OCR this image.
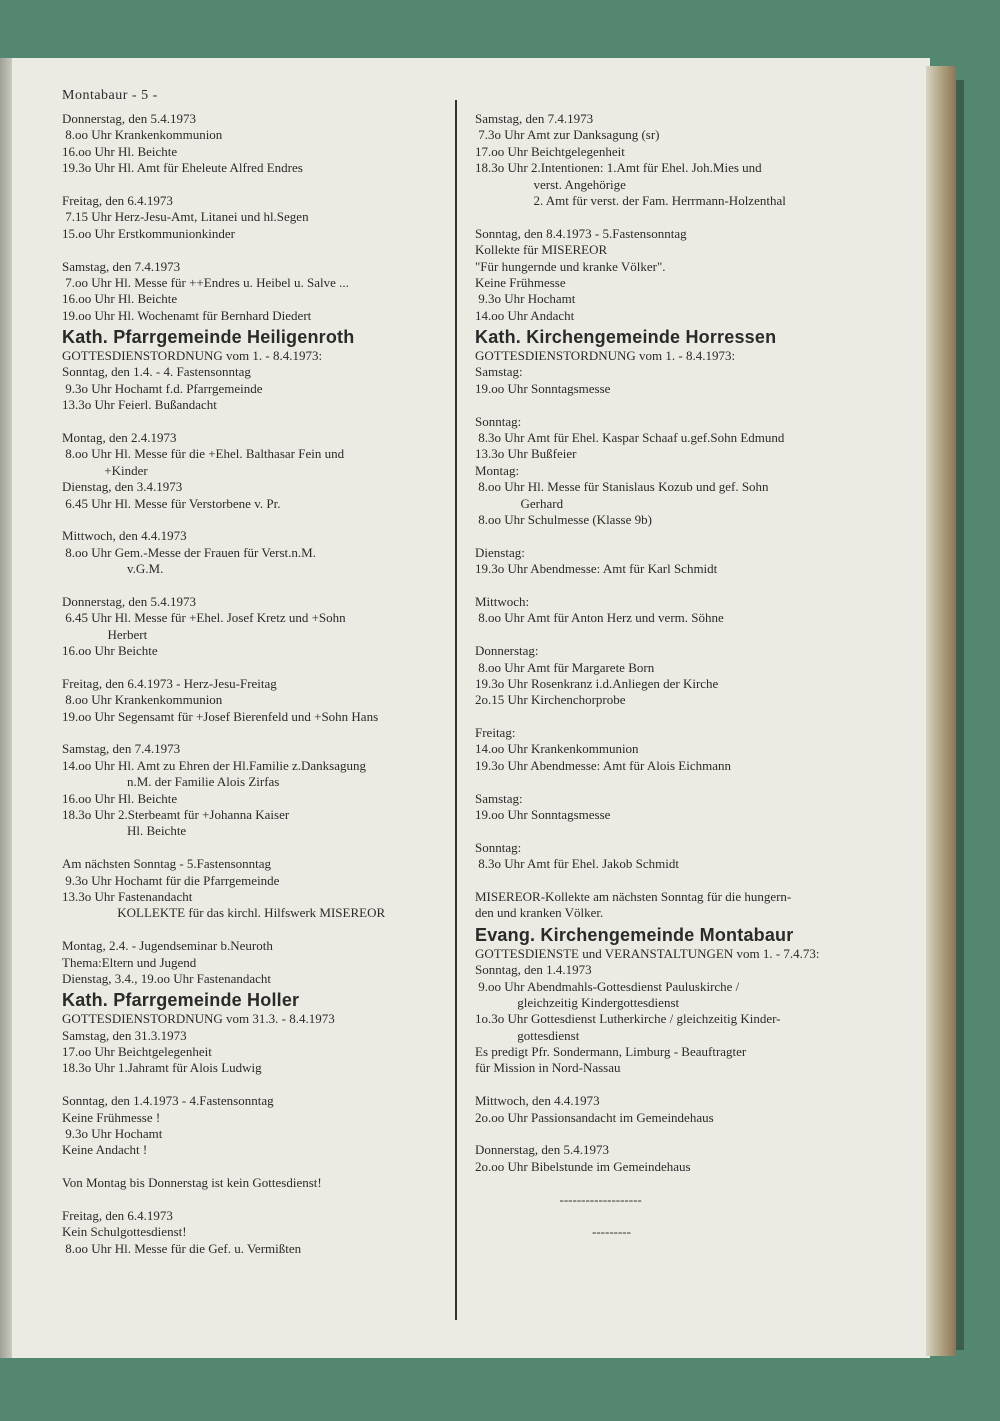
Montabaur - 5 -
Donnerstag, den 5.4.1973
8.oo Uhr Krankenkommunion
16.oo Uhr Hl. Beichte
19.3o Uhr Hl. Amt für Eheleute Alfred Endres
Freitag, den 6.4.1973
7.15 Uhr Herz-Jesu-Amt, Litanei und hl.Segen
15.oo Uhr Erstkommunionkinder
Samstag, den 7.4.1973
7.oo Uhr Hl. Messe für ++Endres u. Heibel u. Salve ...
16.oo Uhr Hl. Beichte
19.oo Uhr Hl. Wochenamt für Bernhard Diedert
Kath. Pfarrgemeinde Heiligenroth
GOTTESDIENSTORDNUNG vom 1. - 8.4.1973:
Sonntag, den 1.4. - 4. Fastensonntag
9.3o Uhr Hochamt f.d. Pfarrgemeinde
13.3o Uhr Feierl. Bußandacht
Montag, den 2.4.1973
8.oo Uhr Hl. Messe für die +Ehel. Balthasar Fein und
+Kinder
Dienstag, den 3.4.1973
6.45 Uhr Hl. Messe für Verstorbene v. Pr.
Mittwoch, den 4.4.1973
8.oo Uhr Gem.-Messe der Frauen für Verst.n.M.
v.G.M.
Donnerstag, den 5.4.1973
6.45 Uhr Hl. Messe für +Ehel. Josef Kretz und +Sohn
Herbert
16.oo Uhr Beichte
Freitag, den 6.4.1973 - Herz-Jesu-Freitag
8.oo Uhr Krankenkommunion
19.oo Uhr Segensamt für +Josef Bierenfeld und +Sohn Hans
Samstag, den 7.4.1973
14.oo Uhr Hl. Amt zu Ehren der Hl.Familie z.Danksagung
n.M. der Familie Alois Zirfas
16.oo Uhr Hl. Beichte
18.3o Uhr 2.Sterbeamt für +Johanna Kaiser
Hl. Beichte
Am nächsten Sonntag - 5.Fastensonntag
9.3o Uhr Hochamt für die Pfarrgemeinde
13.3o Uhr Fastenandacht
KOLLEKTE für das kirchl. Hilfswerk MISEREOR
Montag, 2.4. - Jugendseminar b.Neuroth
Thema:Eltern und Jugend
Dienstag, 3.4., 19.oo Uhr Fastenandacht
Kath. Pfarrgemeinde Holler
GOTTESDIENSTORDNUNG vom 31.3. - 8.4.1973
Samstag, den 31.3.1973
17.oo Uhr Beichtgelegenheit
18.3o Uhr 1.Jahramt für Alois Ludwig
Sonntag, den 1.4.1973 - 4.Fastensonntag
Keine Frühmesse !
9.3o Uhr Hochamt
Keine Andacht !
Von Montag bis Donnerstag ist kein Gottesdienst!
Freitag, den 6.4.1973
Kein Schulgottesdienst!
8.oo Uhr Hl. Messe für die Gef. u. Vermißten
Samstag, den 7.4.1973
7.3o Uhr Amt zur Danksagung (sr)
17.oo Uhr Beichtgelegenheit
18.3o Uhr 2.Intentionen: 1.Amt für Ehel. Joh.Mies und
verst. Angehörige
2. Amt für verst. der Fam. Herrmann-Holzenthal
Sonntag, den 8.4.1973 - 5.Fastensonntag
Kollekte für MISEREOR
"Für hungernde und kranke Völker".
Keine Frühmesse
9.3o Uhr Hochamt
14.oo Uhr Andacht
Kath. Kirchengemeinde Horressen
GOTTESDIENSTORDNUNG vom 1. - 8.4.1973:
Samstag:
19.oo Uhr Sonntagsmesse
Sonntag:
8.3o Uhr Amt für Ehel. Kaspar Schaaf u.gef.Sohn Edmund
13.3o Uhr Bußfeier
Montag:
8.oo Uhr Hl. Messe für Stanislaus Kozub und gef. Sohn
Gerhard
8.oo Uhr Schulmesse (Klasse 9b)
Dienstag:
19.3o Uhr Abendmesse: Amt für Karl Schmidt
Mittwoch:
8.oo Uhr Amt für Anton Herz und verm. Söhne
Donnerstag:
8.oo Uhr Amt für Margarete Born
19.3o Uhr Rosenkranz i.d.Anliegen der Kirche
2o.15 Uhr Kirchenchorprobe
Freitag:
14.oo Uhr Krankenkommunion
19.3o Uhr Abendmesse: Amt für Alois Eichmann
Samstag:
19.oo Uhr Sonntagsmesse
Sonntag:
8.3o Uhr Amt für Ehel. Jakob Schmidt
MISEREOR-Kollekte am nächsten Sonntag für die hungern-
den und kranken Völker.
Evang. Kirchengemeinde Montabaur
GOTTESDIENSTE und VERANSTALTUNGEN vom 1. - 7.4.73:
Sonntag, den 1.4.1973
9.oo Uhr Abendmahls-Gottesdienst Pauluskirche /
gleichzeitig Kindergottesdienst
1o.3o Uhr Gottesdienst Lutherkirche / gleichzeitig Kinder-
gottesdienst
Es predigt Pfr. Sondermann, Limburg - Beauftragter
für Mission in Nord-Nassau
Mittwoch, den 4.4.1973
2o.oo Uhr Passionsandacht im Gemeindehaus
Donnerstag, den 5.4.1973
2o.oo Uhr Bibelstunde im Gemeindehaus
-------------------
---------
